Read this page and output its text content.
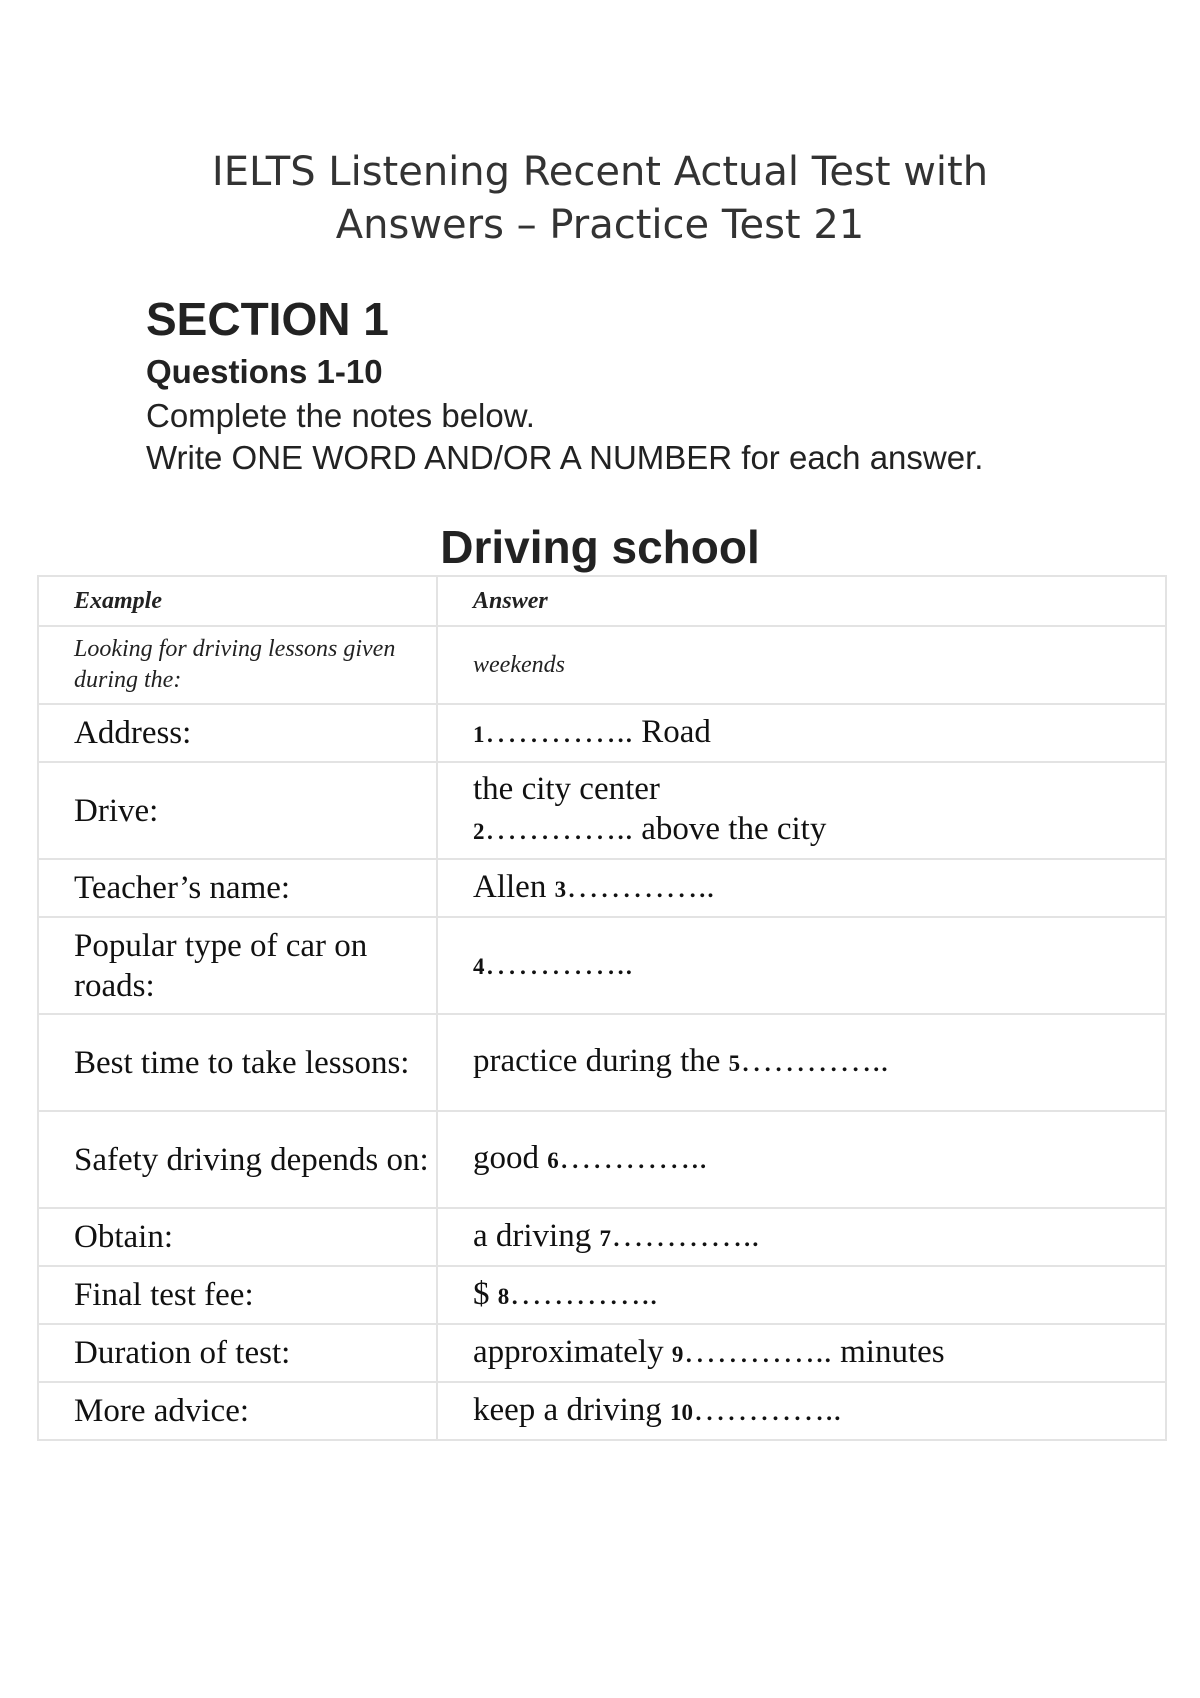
IELTS Listening Recent Actual Test with
Answers – Practice Test 21
SECTION 1
Questions 1-10
Complete the notes below.
Write ONE WORD AND/OR A NUMBER for each answer.
Driving school
Example	Answer
Looking for driving lessons given during the:	weekends
Address:	1………….. Road
Drive:	the city center
2………….. above the city

Teacher’s name:	Allen 3…………..
Popular type of car on roads:	4…………..
Best time to take lessons:	practice during the 5…………..
Safety driving depends on:	good 6…………..
Obtain:	a driving 7…………..
Final test fee:	$ 8…………..
Duration of test:	approximately 9………….. minutes
More advice:	keep a driving 10…………..
